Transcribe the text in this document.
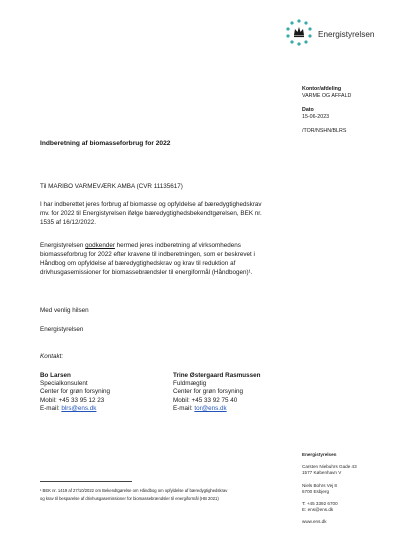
Energistyrelsen
Kontor/afdeling
VARME OG AFFALD
Dato
15-06-2023
/TOR/NSHN/BLRS
Indberetning af biomasseforbrug for 2022
Til MARIBO VARMEVÆRK AMBA (CVR 11135617)
I har indberettet jeres forbrug af biomasse og opfyldelse af bæredygtighedskrav
mv. for 2022 til Energistyrelsen ifølge bæredygtighedsbekendtgørelsen, BEK nr.
1535 af 16/12/2022.
Energistyrelsen godkender hermed jeres indberetning af virksomhedens
biomasseforbrug for 2022 efter kravene til indberetningen, som er beskrevet i
Håndbog om opfyldelse af bæredygtighedskrav og krav til reduktion af
drivhusgasemissioner for biomassebrændsler til energiformål (Håndbogen)¹.
Med venlig hilsen
Energistyrelsen
Kontakt:
Bo Larsen
Specialkonsulent
Center for grøn forsyning
Mobil: +45 33 95 12 23
E-mail: blrs@ens.dk
Trine Østergaard Rasmussen
Fuldmægtig
Center for grøn forsyning
Mobil: +45 33 92 75 40
E-mail: tor@ens.dk
Energistyrelsen
Carsten Niebuhrs Gade 43
1577 København V
Niels Bohrs Vej 8
6700 Esbjerg
T: +45 3392 6700
E: ens@ens.dk
www.ens.dk
¹ BEK nr. 1419 af 27/10/2022 om Bekendtgørelse om Håndbog om opfyldelse af bæredygtighedskrav
og krav til besparelse af drivhusgasemissioner for biomassebrændsler til energiformål (HB 2021)
